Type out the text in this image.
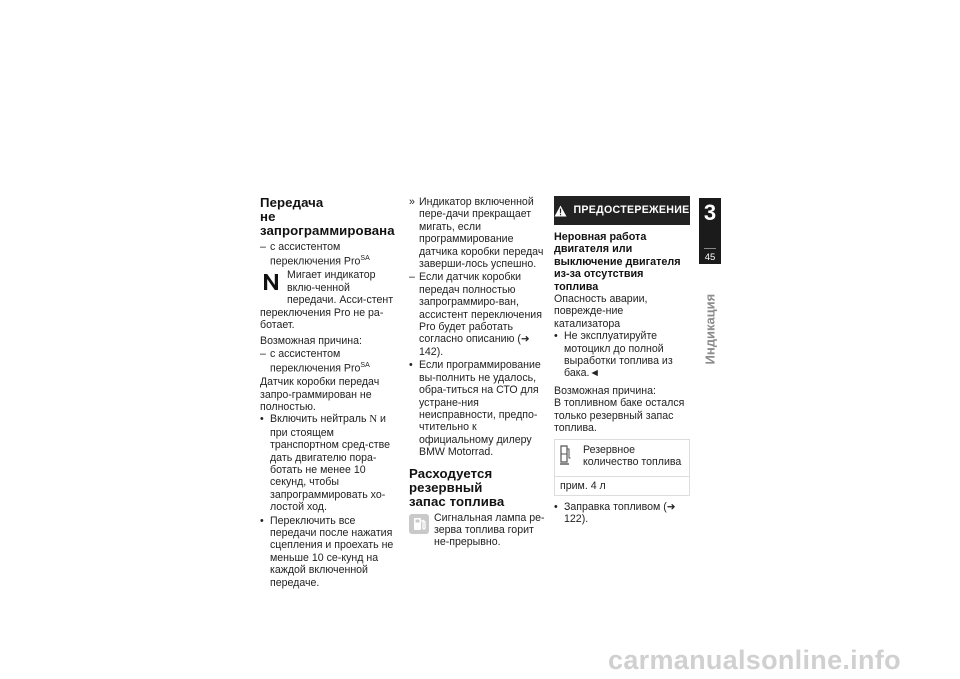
Передача
не запрограммирована
– с ассистентом переключения Pro$^{SA}$
Мигает индикатор вклю-ченной передачи. Асси-стент переключения Pro не ра-ботает.

Возможная причина:

– с ассистентом переключения Pro$^{SA}$

Датчик коробки передач запро-граммирован не полностью.

• Включить нейтраль N и при стоящем транспортном сред-стве дать двигателю пора-ботать не менее 10 секунд, чтобы запрограммировать хо-лостой ход.
• Переключить все передачи после нажатия сцепления и проехать не меньше 10 се-кунд на каждой включенной передаче.
» Индикатор включенной пере-дачи прекращает мигать, если программирование датчика коробки передач заверши-лось успешно.
– Если датчик коробки передач полностью запрограммиро-ван, ассистент переключения Pro будет работать согласно описанию (➜ 142).
• Если программирование вы-полнить не удалось, обра-титься на СТО для устране-ния неисправности, предпо-чтительно к официальному дилеру BMW Motorrad.
Расходуется резервный
запас топлива
Сигнальная лампа ре-зерва топлива горит не-прерывно.
ПРЕДОСТЕРЕЖЕНИЕ
Неровная работа двигателя или выключение двигателя из-за отсутствия топлива

Опасность аварии, поврежде-ние катализатора

• Не эксплуатируйте мотоцикл до полной выработки топлива из бака.◄

Возможная причина:

В топливном баке остался только резервный запас топлива.

Резервное количество топлива
прим. 4 л
• Заправка топливом (➜ 122).
3
45
Индикация
carmanualsonline.info
